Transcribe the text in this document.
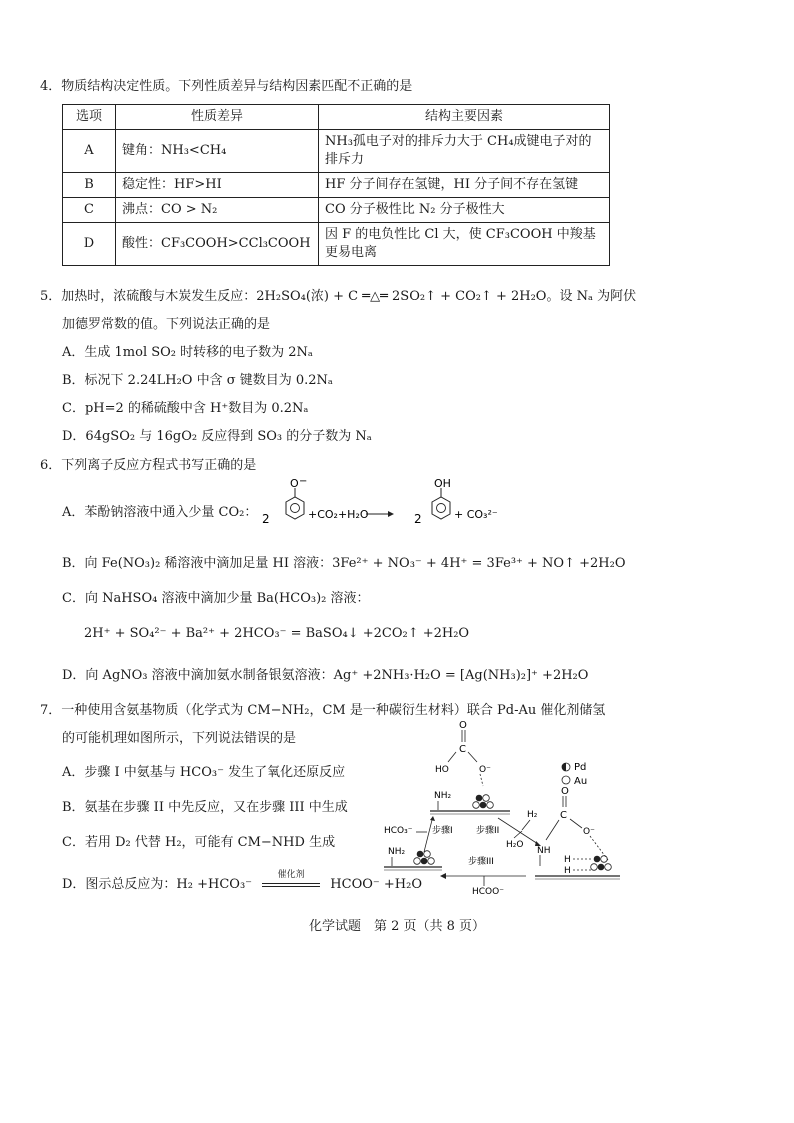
4．物质结构决定性质。下列性质差异与结构因素匹配不正确的是
选项	性质差异	结构主要因素
A	键角：NH₃<CH₄	NH₃孤电子对的排斥力大于 CH₄成键电子对的排斥力
B	稳定性：HF>HI	HF 分子间存在氢键，HI 分子间不存在氢键
C	沸点：CO > N₂	CO 分子极性比 N₂ 分子极性大
D	酸性：CF₃COOH>CCl₃COOH	因 F 的电负性比 Cl 大，使 CF₃COOH 中羧基更易电离
5．加热时，浓硫酸与木炭发生反应：2H₂SO₄(浓) + C ═△═ 2SO₂↑ + CO₂↑ + 2H₂O。设 Nₐ 为阿伏
加德罗常数的值。下列说法正确的是
A．生成 1mol SO₂ 时转移的电子数为 2Nₐ
B．标况下 2.24LH₂O 中含 σ 键数目为 0.2Nₐ
C．pH=2 的稀硫酸中含 H⁺数目为 0.2Nₐ
D．64gSO₂ 与 16gO₂ 反应得到 SO₃ 的分子数为 Nₐ
6．下列离子反应方程式书写正确的是
A．苯酚钠溶液中通入少量 CO₂： 2
O −
+CO₂+H₂O	2
OH
+ CO₃²⁻
B．向 Fe(NO₃)₂ 稀溶液中滴加足量 HI 溶液：3Fe²⁺ + NO₃⁻ + 4H⁺ = 3Fe³⁺ + NO↑ +2H₂O
C．向 NaHSO₄ 溶液中滴加少量 Ba(HCO₃)₂ 溶液：
2H⁺ + SO₄²⁻ + Ba²⁺ + 2HCO₃⁻ = BaSO₄↓ +2CO₂↑ +2H₂O
D．向 AgNO₃ 溶液中滴加氨水制备银氨溶液：Ag⁺ +2NH₃·H₂O = [Ag(NH₃)₂]⁺ +2H₂O
7．一种使用含氨基物质（化学式为 CM−NH₂，CM 是一种碳衍生材料）联合 Pd-Au 催化剂储氢
的可能机理如图所示，下列说法错误的是
A．步骤 I 中氨基与 HCO₃⁻ 发生了氧化还原反应
B．氨基在步骤 II 中先反应，又在步骤 III 中生成
C．若用 D₂ 代替 H₂，可能有 CM−NHD 生成
D．图示总反应为：H₂ +HCO₃⁻
催化剂
HCOO⁻ +H₂O
O
C
HO	O⁻	Pd
Au
NH₂
HCO₃⁻ 步骤I	步骤II
H₂
H₂O
O
C
O⁻
NH
H
H
NH₂
步骤III
HCOO⁻
化学试题　第 2 页（共 8 页）
